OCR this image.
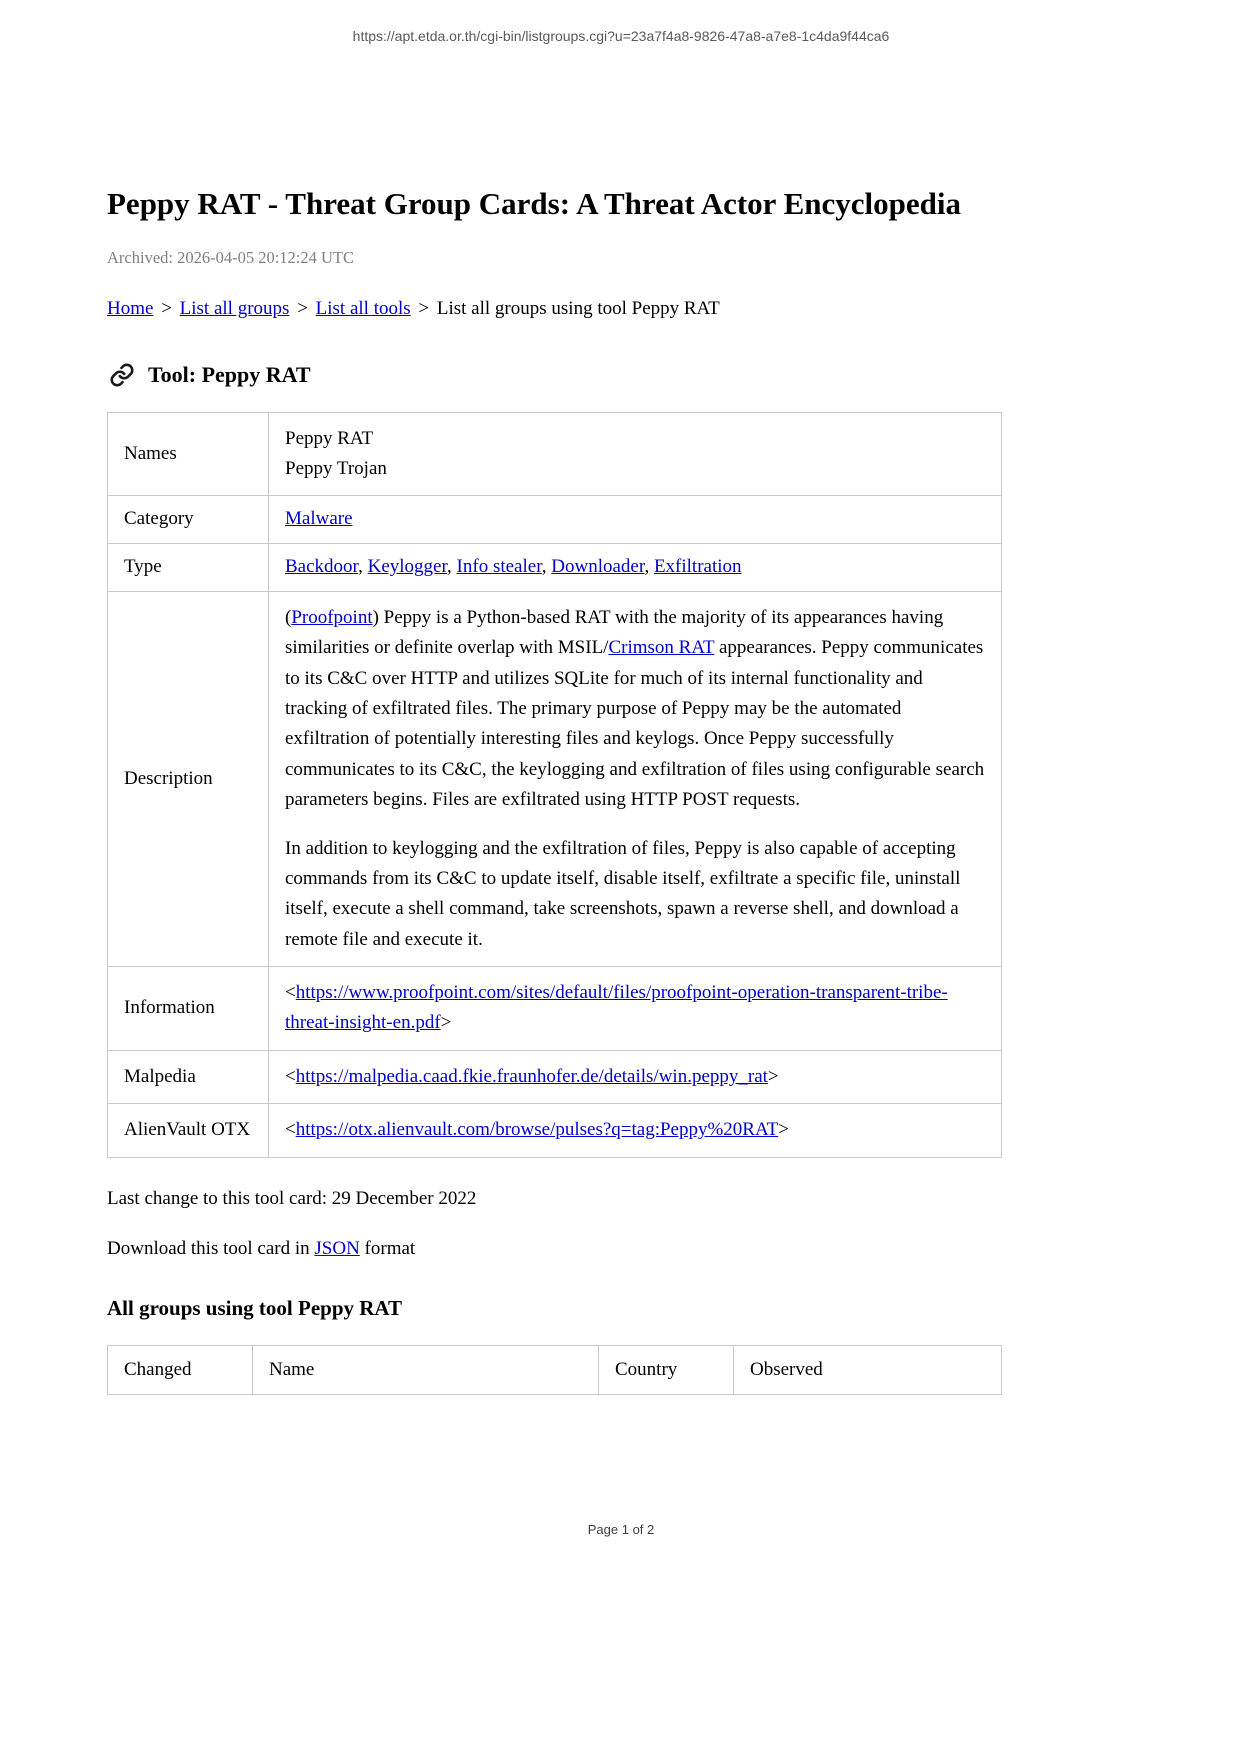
https://apt.etda.or.th/cgi-bin/listgroups.cgi?u=23a7f4a8-9826-47a8-a7e8-1c4da9f44ca6
Peppy RAT - Threat Group Cards: A Threat Actor Encyclopedia
Archived: 2026-04-05 20:12:24 UTC
Home > List all groups > List all tools > List all groups using tool Peppy RAT
Tool: Peppy RAT
Names	Peppy RAT
Peppy Trojan

Category	Malware
Type	Backdoor, Keylogger, Info stealer, Downloader, Exfiltration
Description	(Proofpoint) Peppy is a Python-based RAT with the majority of its appearances having similarities or definite overlap with MSIL/Crimson RAT appearances. Peppy communicates to its C&C over HTTP and utilizes SQLite for much of its internal functionality and tracking of exfiltrated files. The primary purpose of Peppy may be the automated exfiltration of potentially interesting files and keylogs. Once Peppy successfully communicates to its C&C, the keylogging and exfiltration of files using configurable search parameters begins. Files are exfiltrated using HTTP POST requests.

In addition to keylogging and the exfiltration of files, Peppy is also capable of accepting commands from its C&C to update itself, disable itself, exfiltrate a specific file, uninstall itself, execute a shell command, take screenshots, spawn a reverse shell, and download a remote file and execute it.

Information	<https://www.proofpoint.com/sites/default/files/proofpoint-operation-transparent-tribe-threat-insight-en.pdf>
Malpedia	<https://malpedia.caad.fkie.fraunhofer.de/details/win.peppy_rat>
AlienVault OTX	<https://otx.alienvault.com/browse/pulses?q=tag:Peppy%20RAT>

Last change to this tool card: 29 December 2022

Download this tool card in JSON format

All groups using tool Peppy RAT
Changed	Name	Country	Observed
Page 1 of 2
